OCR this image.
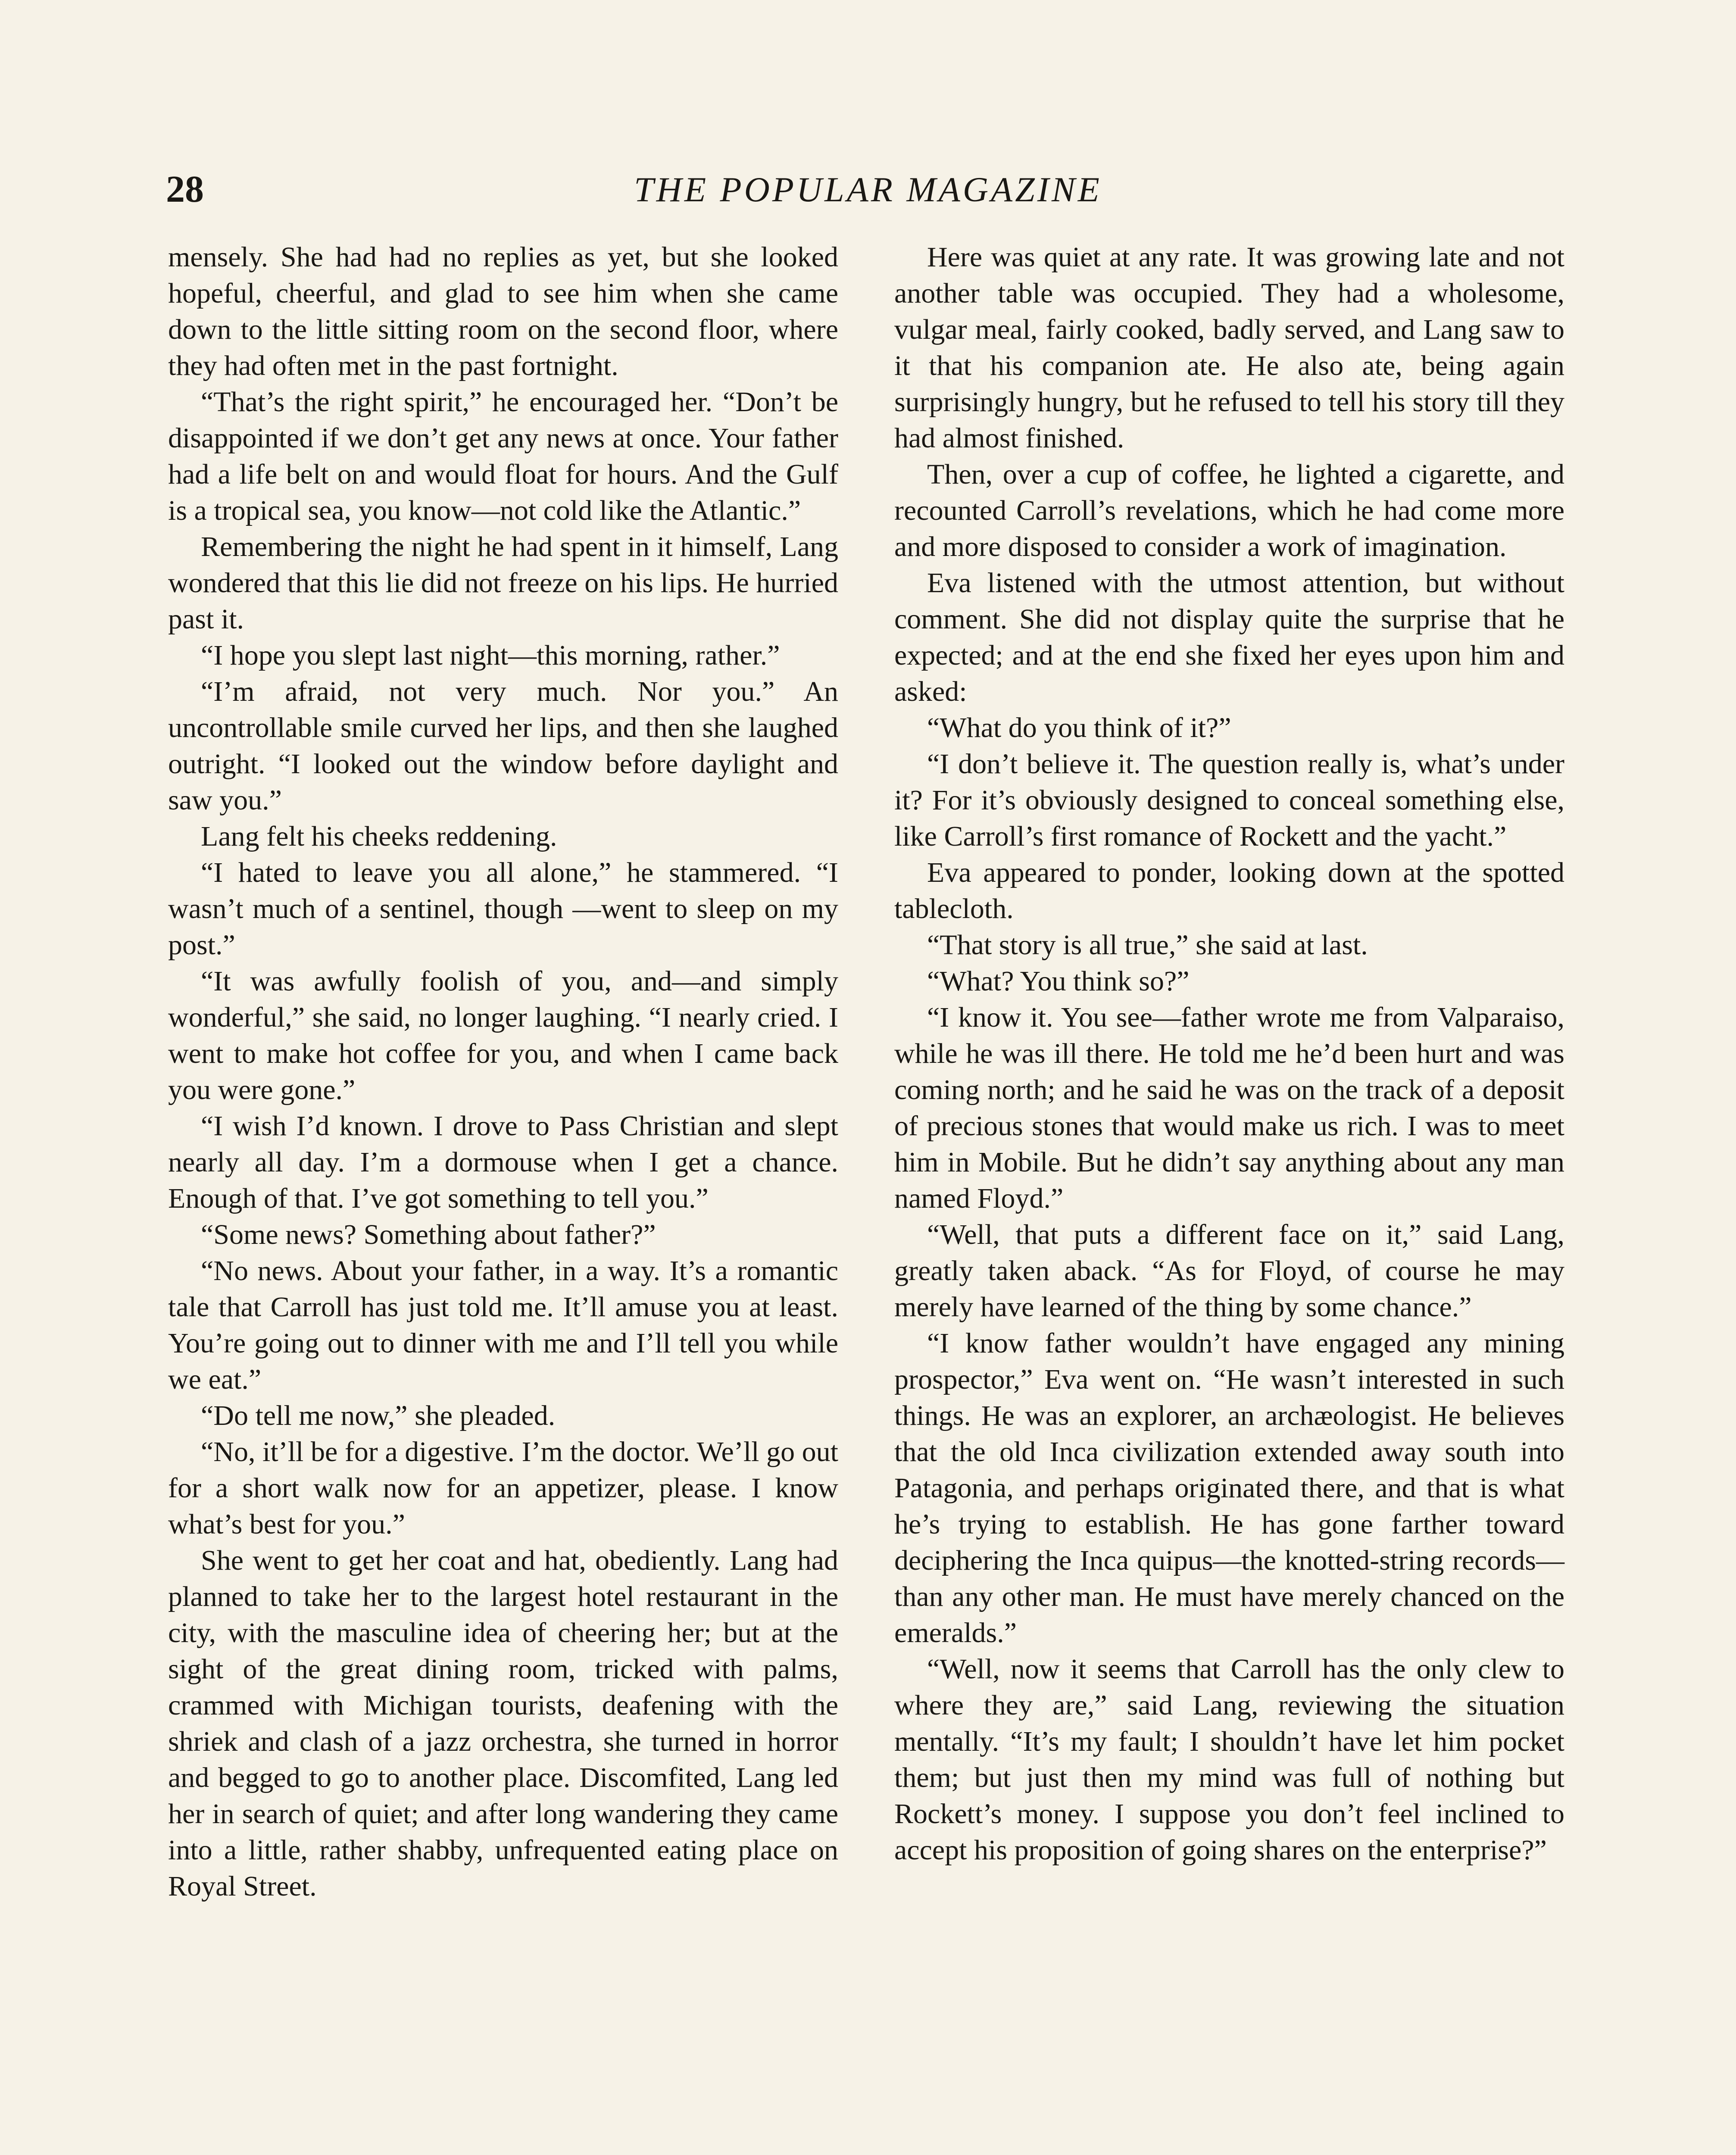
28	THE POPULAR MAGAZINE

mensely. She had had no replies as yet, but she looked hopeful, cheerful, and glad to see him when she came down to the little sitting room on the second floor, where they had often met in the past fortnight.

“That’s the right spirit,” he encouraged her. “Don’t be disappointed if we don’t get any news at once. Your father had a life belt on and would float for hours. And the Gulf is a tropical sea, you know—not cold like the Atlantic.”

Remembering the night he had spent in it himself, Lang wondered that this lie did not freeze on his lips. He hurried past it.

“I hope you slept last night—this morning, rather.”

“I’m afraid, not very much. Nor you.” An uncontrollable smile curved her lips, and then she laughed outright. “I looked out the window before daylight and saw you.”

Lang felt his cheeks reddening.

“I hated to leave you all alone,” he stammered. “I wasn’t much of a sentinel, though —went to sleep on my post.”

“It was awfully foolish of you, and—and simply wonderful,” she said, no longer laughing. “I nearly cried. I went to make hot coffee for you, and when I came back you were gone.”

“I wish I’d known. I drove to Pass Christian and slept nearly all day. I’m a dormouse when I get a chance. Enough of that. I’ve got something to tell you.”

“Some news? Something about father?”

“No news. About your father, in a way. It’s a romantic tale that Carroll has just told me. It’ll amuse you at least. You’re going out to dinner with me and I’ll tell you while we eat.”

“Do tell me now,” she pleaded.

“No, it’ll be for a digestive. I’m the doctor. We’ll go out for a short walk now for an appetizer, please. I know what’s best for you.”

She went to get her coat and hat, obediently. Lang had planned to take her to the largest hotel restaurant in the city, with the masculine idea of cheering her; but at the sight of the great dining room, tricked with palms, crammed with Michigan tourists, deafening with the shriek and clash of a jazz orchestra, she turned in horror and begged to go to another place. Discomfited, Lang led her in search of quiet; and after long wandering they came into a little, rather shabby, unfrequented eating place on Royal Street.

Here was quiet at any rate. It was growing late and not another table was occupied. They had a wholesome, vulgar meal, fairly cooked, badly served, and Lang saw to it that his companion ate. He also ate, being again surprisingly hungry, but he refused to tell his story till they had almost finished.

Then, over a cup of coffee, he lighted a cigarette, and recounted Carroll’s revelations, which he had come more and more disposed to consider a work of imagination.

Eva listened with the utmost attention, but without comment. She did not display quite the surprise that he expected; and at the end she fixed her eyes upon him and asked:

“What do you think of it?”

“I don’t believe it. The question really is, what’s under it? For it’s obviously designed to conceal something else, like Carroll’s first romance of Rockett and the yacht.”

Eva appeared to ponder, looking down at the spotted tablecloth.

“That story is all true,” she said at last.

“What? You think so?”

“I know it. You see—father wrote me from Valparaiso, while he was ill there. He told me he’d been hurt and was coming north; and he said he was on the track of a deposit of precious stones that would make us rich. I was to meet him in Mobile. But he didn’t say anything about any man named Floyd.”

“Well, that puts a different face on it,” said Lang, greatly taken aback. “As for Floyd, of course he may merely have learned of the thing by some chance.”

“I know father wouldn’t have engaged any mining prospector,” Eva went on. “He wasn’t interested in such things. He was an explorer, an archæologist. He believes that the old Inca civilization extended away south into Patagonia, and perhaps originated there, and that is what he’s trying to establish. He has gone farther toward deciphering the Inca quipus—the knotted-string records—than any other man. He must have merely chanced on the emeralds.”

“Well, now it seems that Carroll has the only clew to where they are,” said Lang, reviewing the situation mentally. “It’s my fault; I shouldn’t have let him pocket them; but just then my mind was full of nothing but Rockett’s money. I suppose you don’t feel inclined to accept his proposition of going shares on the enterprise?”
